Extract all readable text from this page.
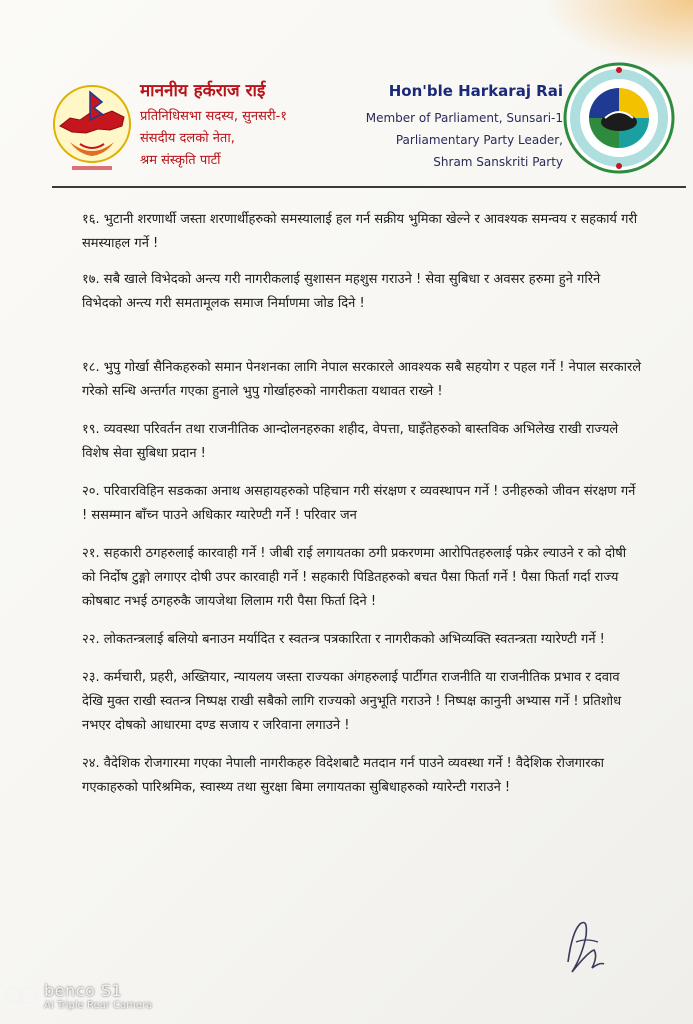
माननीय हर्कराज राई
प्रतिनिधिसभा सदस्य, सुनसरी-१
संसदीय दलको नेता,
श्रम संस्कृति पार्टी
Hon'ble Harkaraj Rai
Member of Parliament, Sunsari-1
Parliamentary Party Leader,
Shram Sanskriti Party

१६. भुटानी शरणार्थी जस्ता शरणार्थीहरुको समस्यालाई हल गर्न सक्रीय भुमिका खेल्ने र आवश्यक समन्वय र सहकार्य गरी समस्याहल गर्ने !

१७. सबै खाले विभेदको अन्त्य गरी नागरीकलाई सुशासन महशुस गराउने ! सेवा सुबिधा र अवसर हरुमा हुने गरिने विभेदको अन्त्य गरी समतामूलक समाज निर्माणमा जोड दिने !

१८. भुपु गोर्खा सैनिकहरुको समान पेनशनका लागि नेपाल सरकारले आवश्यक सबै सहयोग र पहल गर्ने ! नेपाल सरकारले गरेको सन्धि अन्तर्गत गएका हुनाले भुपु गोर्खाहरुको नागरीकता यथावत राख्ने !

१९. व्यवस्था परिवर्तन तथा राजनीतिक आन्दोलनहरुका शहीद, वेपत्ता, घाइँतेहरुको बास्तविक अभिलेख राखी राज्यले विशेष सेवा सुबिधा प्रदान !

२०. परिवारविहिन सडकका अनाथ असहायहरुको पहिचान गरी संरक्षण र व्यवस्थापन गर्ने ! उनीहरुको जीवन संरक्षण गर्ने ! ससम्मान बाँच्न पाउने अधिकार ग्यारेण्टी गर्ने ! परिवार जन

२१. सहकारी ठगहरुलाई कारवाही गर्ने ! जीबी राई लगायतका ठगी प्रकरणमा आरोपितहरुलाई पक्रेर ल्याउने र को दोषी को निर्दोष टुङ्गो लगाएर दोषी उपर कारवाही गर्ने ! सहकारी पिडितहरुको बचत पैसा फिर्ता गर्ने ! पैसा फिर्ता गर्दा राज्य कोषबाट नभई ठगहरुकै जायजेथा लिलाम गरी पैसा फिर्ता दिने !

२२. लोकतन्त्रलाई बलियो बनाउन मर्यादित र स्वतन्त्र पत्रकारिता र नागरीकको अभिव्यक्ति स्वतन्त्रता ग्यारेण्टी गर्ने !

२३. कर्मचारी, प्रहरी, अख्तियार, न्यायलय जस्ता राज्यका अंगहरुलाई पार्टीगत राजनीति या राजनीतिक प्रभाव र दवाव देखि मुक्त राखी स्वतन्त्र निष्पक्ष राखी सबैको लागि राज्यको अनुभूति गराउने ! निष्पक्ष कानुनी अभ्यास गर्ने ! प्रतिशोध नभएर दोषको आधारमा दण्ड सजाय र जरिवाना लगाउने !

२४. वैदेशिक रोजगारमा गएका नेपाली नागरीकहरु विदेशबाटै मतदान गर्न पाउने व्यवस्था गर्ने ! वैदेशिक रोजगारका गएकाहरुको पारिश्रमिक, स्वास्थ्य तथा सुरक्षा बिमा लगायतका सुबिधाहरुको ग्यारेन्टी गराउने !

benco S1
AI Triple Rear Camera
